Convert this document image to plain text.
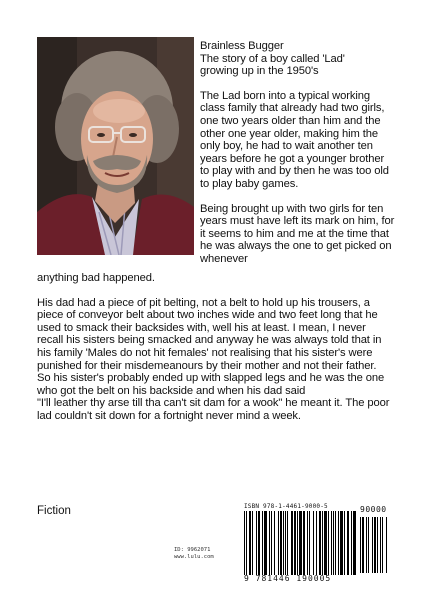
Brainless Bugger
The story of a boy called 'Lad'
growing up in the 1950's

The Lad born into a typical working class family that already had two girls, one two years older than him and the other one year older, making him the only boy, he had to wait another ten years before he got a younger brother to play with and by then he was too old to play baby games.

Being brought up with two girls for ten years must have left its mark on him, for it seems to him and me at the time that he was always the one to get picked on whenever

anything bad happened.

His dad had a piece of pit belting, not a belt to hold up his trousers, a piece of conveyor belt about two inches wide and two feet long that he used to smack their backsides with, well his at least. I mean, I never recall his sisters being smacked and anyway he was always told that in his family 'Males do not hit females' not realising that his sister's were punished for their misdemeanours by their mother and not their father.

So his sister's probably ended up with slapped legs and he was the one who got the belt on his backside and when his dad said

"I'll leather thy arse till tha can't sit dam for a wook" he meant it. The poor lad couldn't sit down for a fortnight never mind a week.

Fiction
ID: 9962071
www.lulu.com
ISBN 978-1-4461-9000-5	90000
9 781446 190005
